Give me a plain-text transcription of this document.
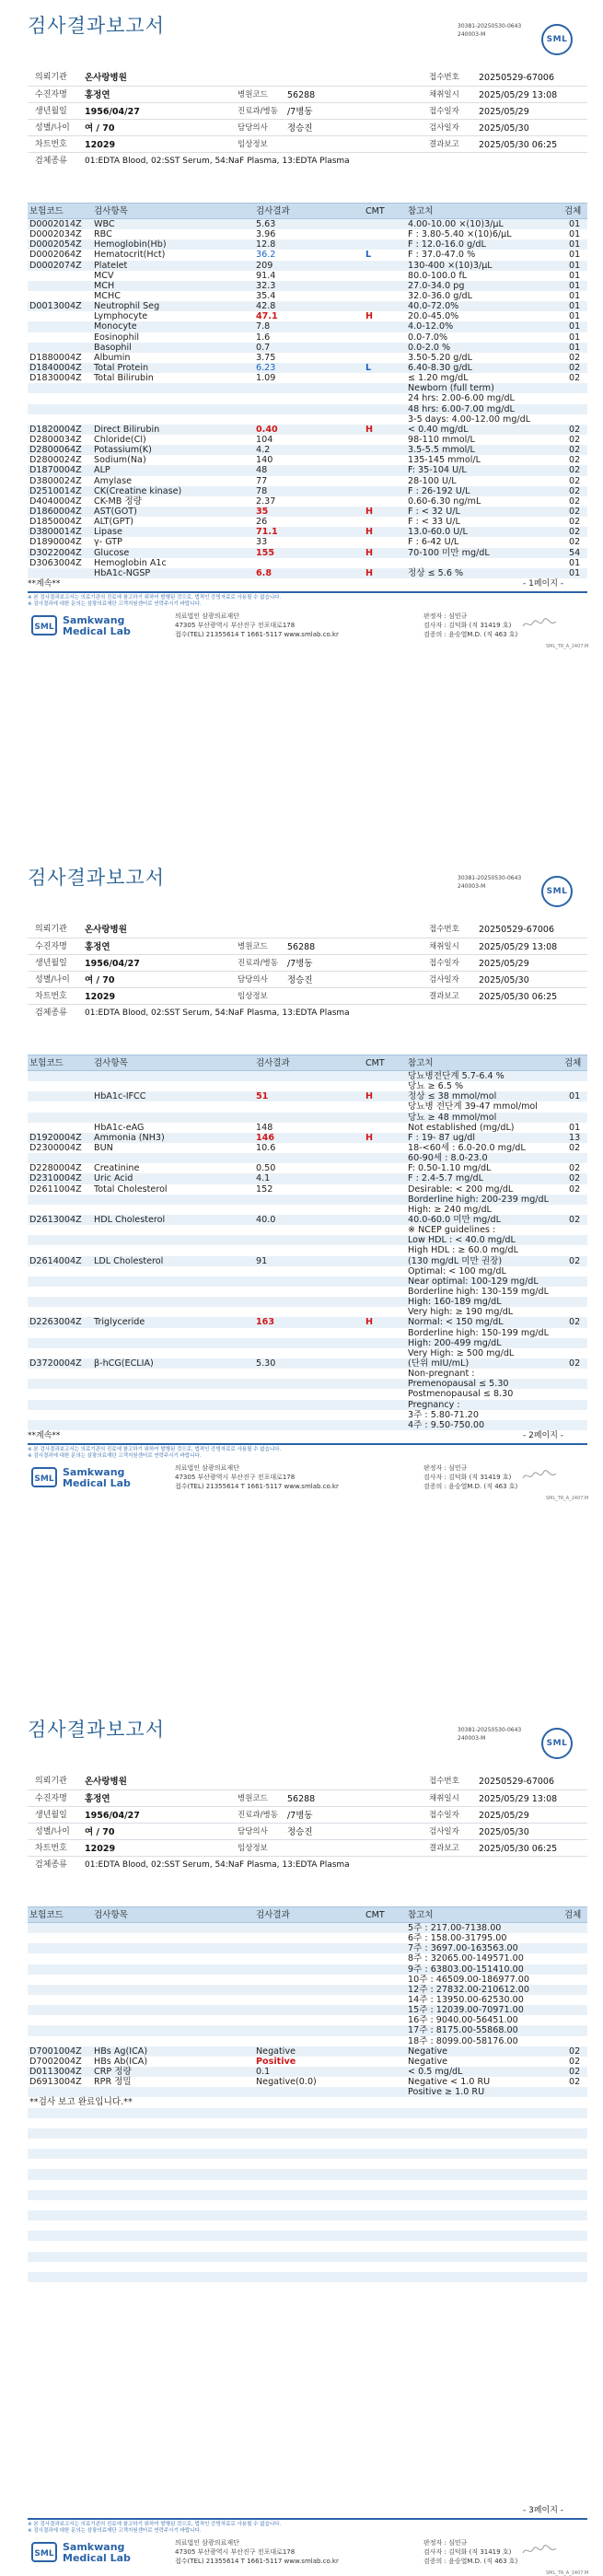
검사결과보고서	30381-20250530-0643
240003-M	SML
의뢰기관 온사랑병원	접수번호 20250529-67006
수진자명 홍정연	병원코드 56288	채취일시 2025/05/29 13:08
생년월일 1956/04/27	진료과/병동 /7병동	접수일자 2025/05/29
성별/나이 여 / 70	담당의사 정승진	검사일자 2025/05/30
차트번호 12029	임상정보	결과보고 2025/05/30 06:25
검체종류 01:EDTA Blood, 02:SST Serum, 54:NaF Plasma, 13:EDTA Plasma
보험코드	검사항목	검사결과	CMT	참고치	검체
D0002014Z WBC	5.63	4.00-10.00 ×(10)3/μL	01
D0002034Z RBC	3.96	F : 3.80-5.40 ×(10)6/μL	01
D0002054Z Hemoglobin(Hb)	12.8	F : 12.0-16.0 g/dL	01
D0002064Z Hematocrit(Hct)	36.2	L	F : 37.0-47.0 %	01
D0002074Z Platelet	209	130-400 ×(10)3/μL	01
MCV	91.4	80.0-100.0 fL	01
MCH	32.3	27.0-34.0 pg	01
MCHC	35.4	32.0-36.0 g/dL	01
D0013004Z Neutrophil Seg	42.8	40.0-72.0%	01
Lymphocyte	47.1	H	20.0-45.0%	01
Monocyte	7.8	4.0-12.0%	01
Eosinophil	1.6	0.0-7.0%	01
Basophil	0.7	0.0-2.0 %	01
D1880004Z Albumin	3.75	3.50-5.20 g/dL	02
D1840004Z Total Protein	6.23	L	6.40-8.30 g/dL	02
D1830004Z Total Bilirubin	1.09	≤ 1.20 mg/dL	02
Newborn (full term)
24 hrs: 2.00-6.00 mg/dL
48 hrs: 6.00-7.00 mg/dL
3-5 days: 4.00-12.00 mg/dL
D1820004Z Direct Bilirubin	0.40	H	< 0.40 mg/dL	02
D2800034Z Chloride(Cl)	104	98-110 mmol/L	02
D2800064Z Potassium(K)	4.2	3.5-5.5 mmol/L	02
D2800024Z Sodium(Na)	140	135-145 mmol/L	02
D1870004Z ALP	48	F: 35-104 U/L	02
D3800024Z Amylase	77	28-100 U/L	02
D2510014Z CK(Creatine kinase)	78	F : 26-192 U/L	02
D4040004Z CK-MB 정량	2.37	0.60-6.30 ng/mL	02
D1860004Z AST(GOT)	35	H	F : < 32 U/L	02
D1850004Z ALT(GPT)	26	F : < 33 U/L	02
D3800014Z Lipase	71.1	H	13.0-60.0 U/L	02
D1890004Z γ- GTP	33	F : 6-42 U/L	02
D3022004Z Glucose	155	H	70-100 미만 mg/dL	54
D3063004Z Hemoglobin A1c	01
HbA1c-NGSP	6.8	H	정상 ≤ 5.6 %	01
**계속**	- 1페이지 -
※ 본 검사결과보고서는 의료기관의 진료에 참고하기 위하여 발행된 것으로, 법적인 증빙자료로 사용될 수 없습니다.
※ 검사결과에 대한 문의는 삼광의료재단 고객지원센터로 연락주시기 바랍니다.
SML
Samkwang
Medical Lab
의료법인 삼광의료재단
47305 부산광역시 부산진구 전포대로178
접수(TEL) 21355614 T 1661-5117 www.smlab.co.kr
판정자 : 심민규
검사자 : 김덕화 (직 31419 호)
검증의 : 윤승열M.D. (직 463 호)
SML_TR_A_2407.M
검사결과보고서	30381-20250530-0643
240003-M	SML
의뢰기관 온사랑병원	접수번호 20250529-67006
수진자명 홍정연	병원코드 56288	채취일시 2025/05/29 13:08
생년월일 1956/04/27	진료과/병동 /7병동	접수일자 2025/05/29
성별/나이 여 / 70	담당의사 정승진	검사일자 2025/05/30
차트번호 12029	임상정보	결과보고 2025/05/30 06:25
검체종류 01:EDTA Blood, 02:SST Serum, 54:NaF Plasma, 13:EDTA Plasma
보험코드	검사항목	검사결과	CMT	참고치	검체
당뇨병전단계 5.7-6.4 %
당뇨 ≥ 6.5 %
HbA1c-IFCC	51	H	정상 ≤ 38 mmol/mol	01
당뇨병 전단계 39-47 mmol/mol
당뇨 ≥ 48 mmol/mol
HbA1c-eAG	148	Not established (mg/dL)	01
D1920004Z Ammonia (NH3)	146	H	F : 19- 87 ug/dl	13
D2300004Z BUN	10.6	18-<60세 : 6.0-20.0 mg/dL	02
60-90세 : 8.0-23.0
D2280004Z Creatinine	0.50	F: 0.50-1.10 mg/dL	02
D2310004Z Uric Acid	4.1	F : 2.4-5.7 mg/dL	02
D2611004Z Total Cholesterol	152	Desirable: < 200 mg/dL	02
Borderline high: 200-239 mg/dL
High: ≥ 240 mg/dL
D2613004Z HDL Cholesterol	40.0	40.0-60.0 미만 mg/dL	02
※ NCEP guidelines :
Low HDL : < 40.0 mg/dL
High HDL : ≥ 60.0 mg/dL
D2614004Z LDL Cholesterol	91	(130 mg/dL 미만 권장)	02
Optimal: < 100 mg/dL
Near optimal: 100-129 mg/dL
Borderline high: 130-159 mg/dL
High: 160-189 mg/dL
Very high: ≥ 190 mg/dL
D2263004Z Triglyceride	163	H	Normal: < 150 mg/dL	02
Borderline high: 150-199 mg/dL
High: 200-499 mg/dL
Very High: ≥ 500 mg/dL
D3720004Z β-hCG(ECLIA)	5.30	(단위 mIU/mL)	02
Non-pregnant :
Premenopausal ≤ 5.30
Postmenopausal ≤ 8.30
Pregnancy :
3주 : 5.80-71.20
4주 : 9.50-750.00
**계속**	- 2페이지 -
※ 본 검사결과보고서는 의료기관의 진료에 참고하기 위하여 발행된 것으로, 법적인 증빙자료로 사용될 수 없습니다.
※ 검사결과에 대한 문의는 삼광의료재단 고객지원센터로 연락주시기 바랍니다.
SML
Samkwang
Medical Lab
의료법인 삼광의료재단
47305 부산광역시 부산진구 전포대로178
접수(TEL) 21355614 T 1661-5117 www.smlab.co.kr
판정자 : 심민규
검사자 : 김덕화 (직 31419 호)
검증의 : 윤승열M.D. (직 463 호)
SML_TR_A_2407.M
검사결과보고서	30381-20250530-0643
240003-M	SML
의뢰기관 온사랑병원	접수번호 20250529-67006
수진자명 홍정연	병원코드 56288	채취일시 2025/05/29 13:08
생년월일 1956/04/27	진료과/병동 /7병동	접수일자 2025/05/29
성별/나이 여 / 70	담당의사 정승진	검사일자 2025/05/30
차트번호 12029	임상정보	결과보고 2025/05/30 06:25
검체종류 01:EDTA Blood, 02:SST Serum, 54:NaF Plasma, 13:EDTA Plasma
보험코드	검사항목	검사결과	CMT	참고치	검체
5주 : 217.00-7138.00
6주 : 158.00-31795.00
7주 : 3697.00-163563.00
8주 : 32065.00-149571.00
9주 : 63803.00-151410.00
10주 : 46509.00-186977.00
12주 : 27832.00-210612.00
14주 : 13950.00-62530.00
15주 : 12039.00-70971.00
16주 : 9040.00-56451.00
17주 : 8175.00-55868.00
18주 : 8099.00-58176.00
D7001004Z HBs Ag(ICA)	Negative	Negative	02
D7002004Z HBs Ab(ICA)	Positive	Negative	02
D0113004Z CRP 정량	0.1	< 0.5 mg/dL	02
D6913004Z RPR 정밀	Negative(0.0)	Negative < 1.0 RU	02
Positive ≥ 1.0 RU
**검사 보고 완료입니다.**
- 3페이지 -
※ 본 검사결과보고서는 의료기관의 진료에 참고하기 위하여 발행된 것으로, 법적인 증빙자료로 사용될 수 없습니다.
※ 검사결과에 대한 문의는 삼광의료재단 고객지원센터로 연락주시기 바랍니다.
SML
Samkwang
Medical Lab
의료법인 삼광의료재단
47305 부산광역시 부산진구 전포대로178
접수(TEL) 21355614 T 1661-5117 www.smlab.co.kr
판정자 : 심민규
검사자 : 김덕화 (직 31419 호)
검증의 : 윤승열M.D. (직 463 호)
SML_TR_A_2407.M
